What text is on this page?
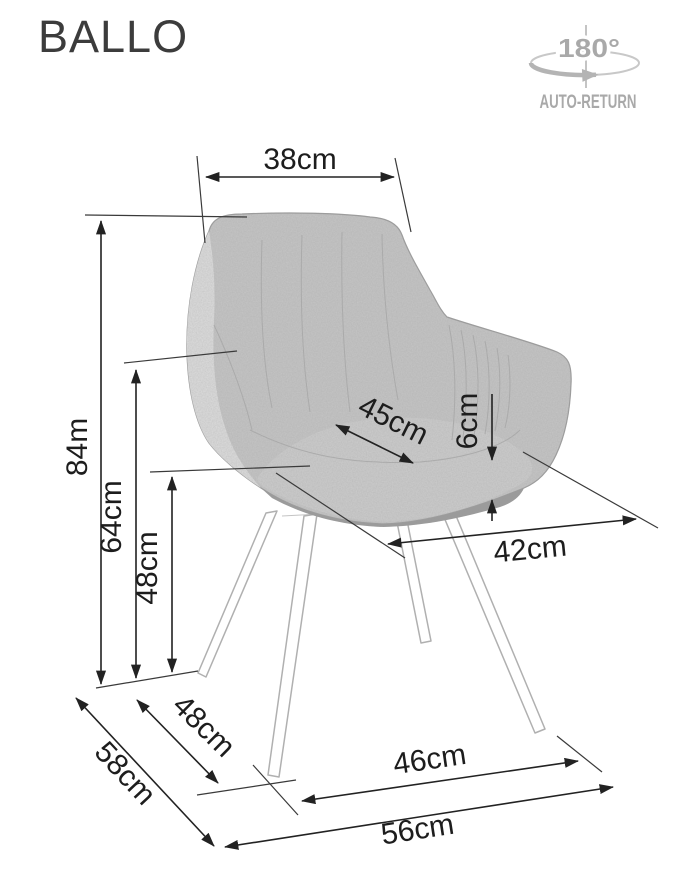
BALLO	180°
AUTO-RETURN
38cm
84m
64cm
48cm
45cm 6cm
42cm
48cm
58cm	46cm
56cm
